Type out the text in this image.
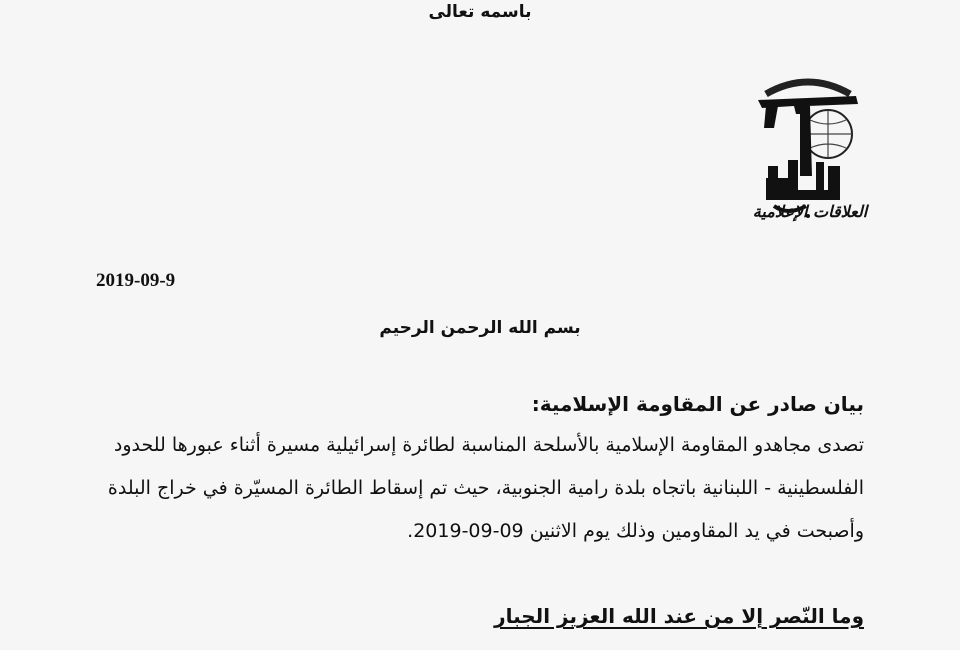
باسمه تعالى
العلاقات الإعلامية
2019-09-9
بسم الله الرحمن الرحيم
بيان صادر عن المقاومة الإسلامية:
تصدى مجاهدو المقاومة الإسلامية بالأسلحة المناسبة لطائرة إسرائيلية مسيرة أثناء عبورها للحدود
الفلسطينية - اللبنانية باتجاه بلدة رامية الجنوبية، حيث تم إسقاط الطائرة المسيّرة في خراج البلدة
وأصبحت في يد المقاومين وذلك يوم الاثنين 09-09-2019.
وما النّصر إلا من عند الله العزيز الجبار
